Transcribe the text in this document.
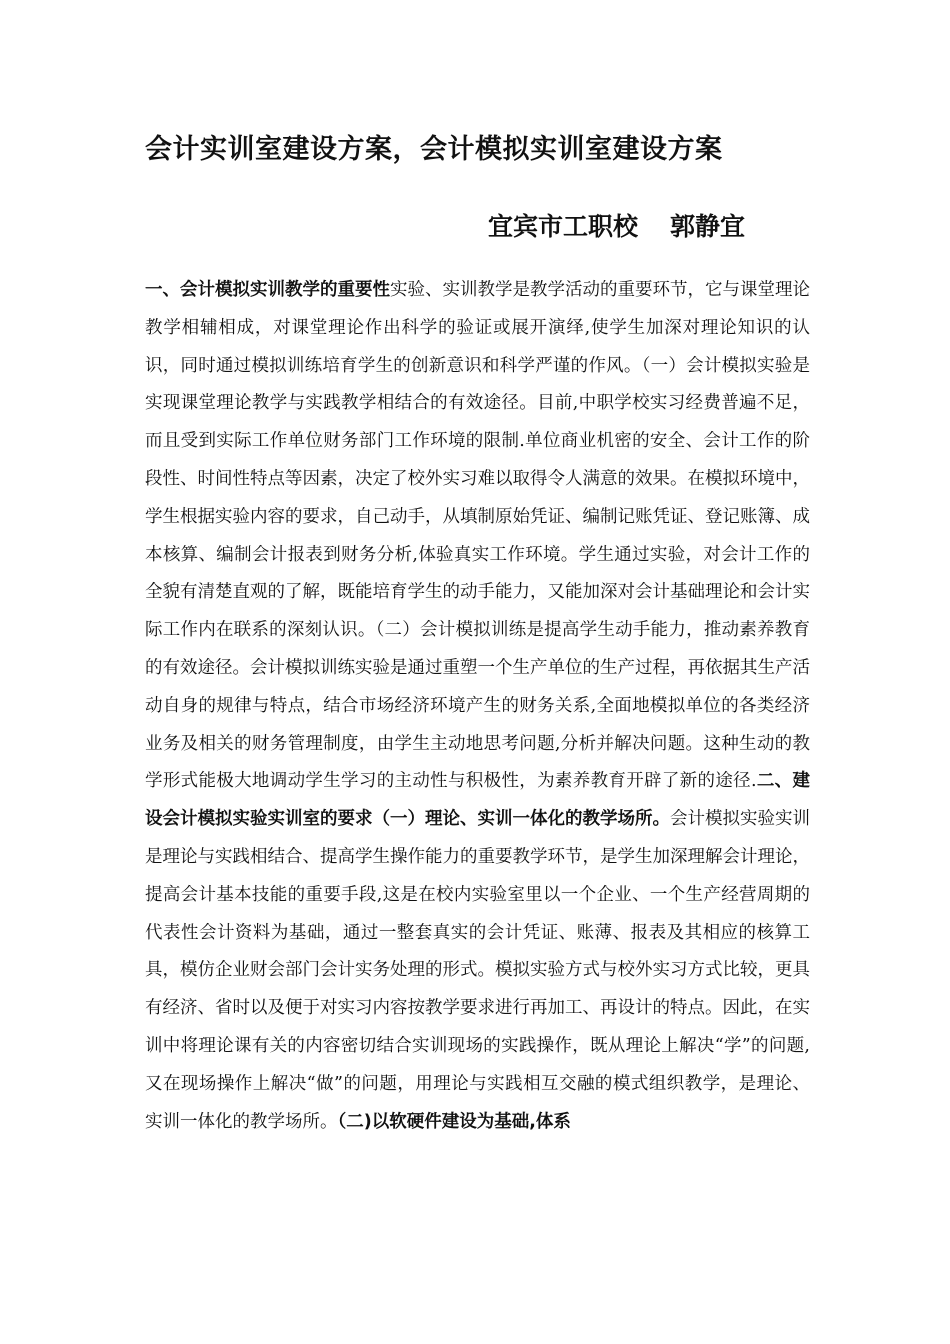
会计实训室建设方案，会计模拟实训室建设方案
宜宾市工职校 郭静宜
一、会计模拟实训教学的重要性实验、实训教学是教学活动的重要环节，它与课堂理论教学相辅相成，对课堂理论作出科学的验证或展开演绎,使学生加深对理论知识的认识，同时通过模拟训练培育学生的创新意识和科学严谨的作风。（一）会计模拟实验是实现课堂理论教学与实践教学相结合的有效途径。目前,中职学校实习经费普遍不足，而且受到实际工作单位财务部门工作环境的限制.单位商业机密的安全、会计工作的阶段性、时间性特点等因素，决定了校外实习难以取得令人满意的效果。在模拟环境中，学生根据实验内容的要求，自己动手，从填制原始凭证、编制记账凭证、登记账簿、成本核算、编制会计报表到财务分析,体验真实工作环境。学生通过实验，对会计工作的全貌有清楚直观的了解，既能培育学生的动手能力，又能加深对会计基础理论和会计实际工作内在联系的深刻认识。（二）会计模拟训练是提高学生动手能力，推动素养教育的有效途径。会计模拟训练实验是通过重塑一个生产单位的生产过程，再依据其生产活动自身的规律与特点，结合市场经济环境产生的财务关系,全面地模拟单位的各类经济业务及相关的财务管理制度，由学生主动地思考问题,分析并解决问题。这种生动的教学形式能极大地调动学生学习的主动性与积极性，为素养教育开辟了新的途径.二、建设会计模拟实验实训室的要求（一）理论、实训一体化的教学场所。会计模拟实验实训是理论与实践相结合、提高学生操作能力的重要教学环节，是学生加深理解会计理论，提高会计基本技能的重要手段,这是在校内实验室里以一个企业、一个生产经营周期的代表性会计资料为基础，通过一整套真实的会计凭证、账薄、报表及其相应的核算工具，模仿企业财会部门会计实务处理的形式。模拟实验方式与校外实习方式比较，更具有经济、省时以及便于对实习内容按教学要求进行再加工、再设计的特点。因此，在实训中将理论课有关的内容密切结合实训现场的实践操作，既从理论上解决“学”的问题,又在现场操作上解决“做”的问题，用理论与实践相互交融的模式组织教学，是理论、实训一体化的教学场所。（二)以软硬件建设为基础,体系
